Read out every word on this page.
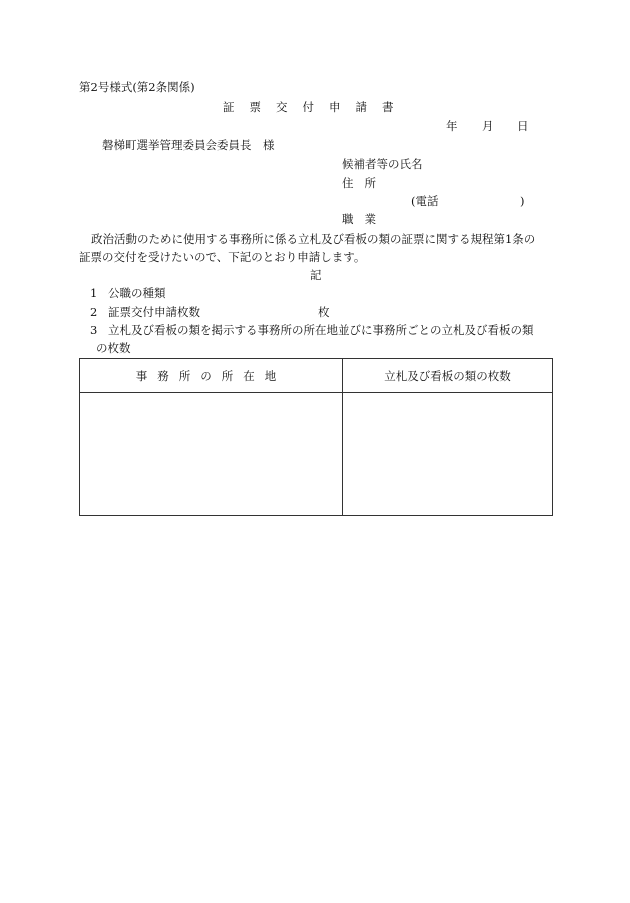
第2号様式(第2条関係)
証票交付申請書
年 月 日
磐梯町選挙管理委員会委員長　様
候補者等の氏名
住所
(電話	)
職業
政治活動のために使用する事務所に係る立札及び看板の類の証票に関する規程第1条の
証票の交付を受けたいので、下記のとおり申請します。
記
1 公職の種類
2 証票交付申請枚数	枚
3 立札及び看板の類を掲示する事務所の所在地並びに事務所ごとの立札及び看板の類
の枚数
事務所の所在地	立札及び看板の類の枚数
